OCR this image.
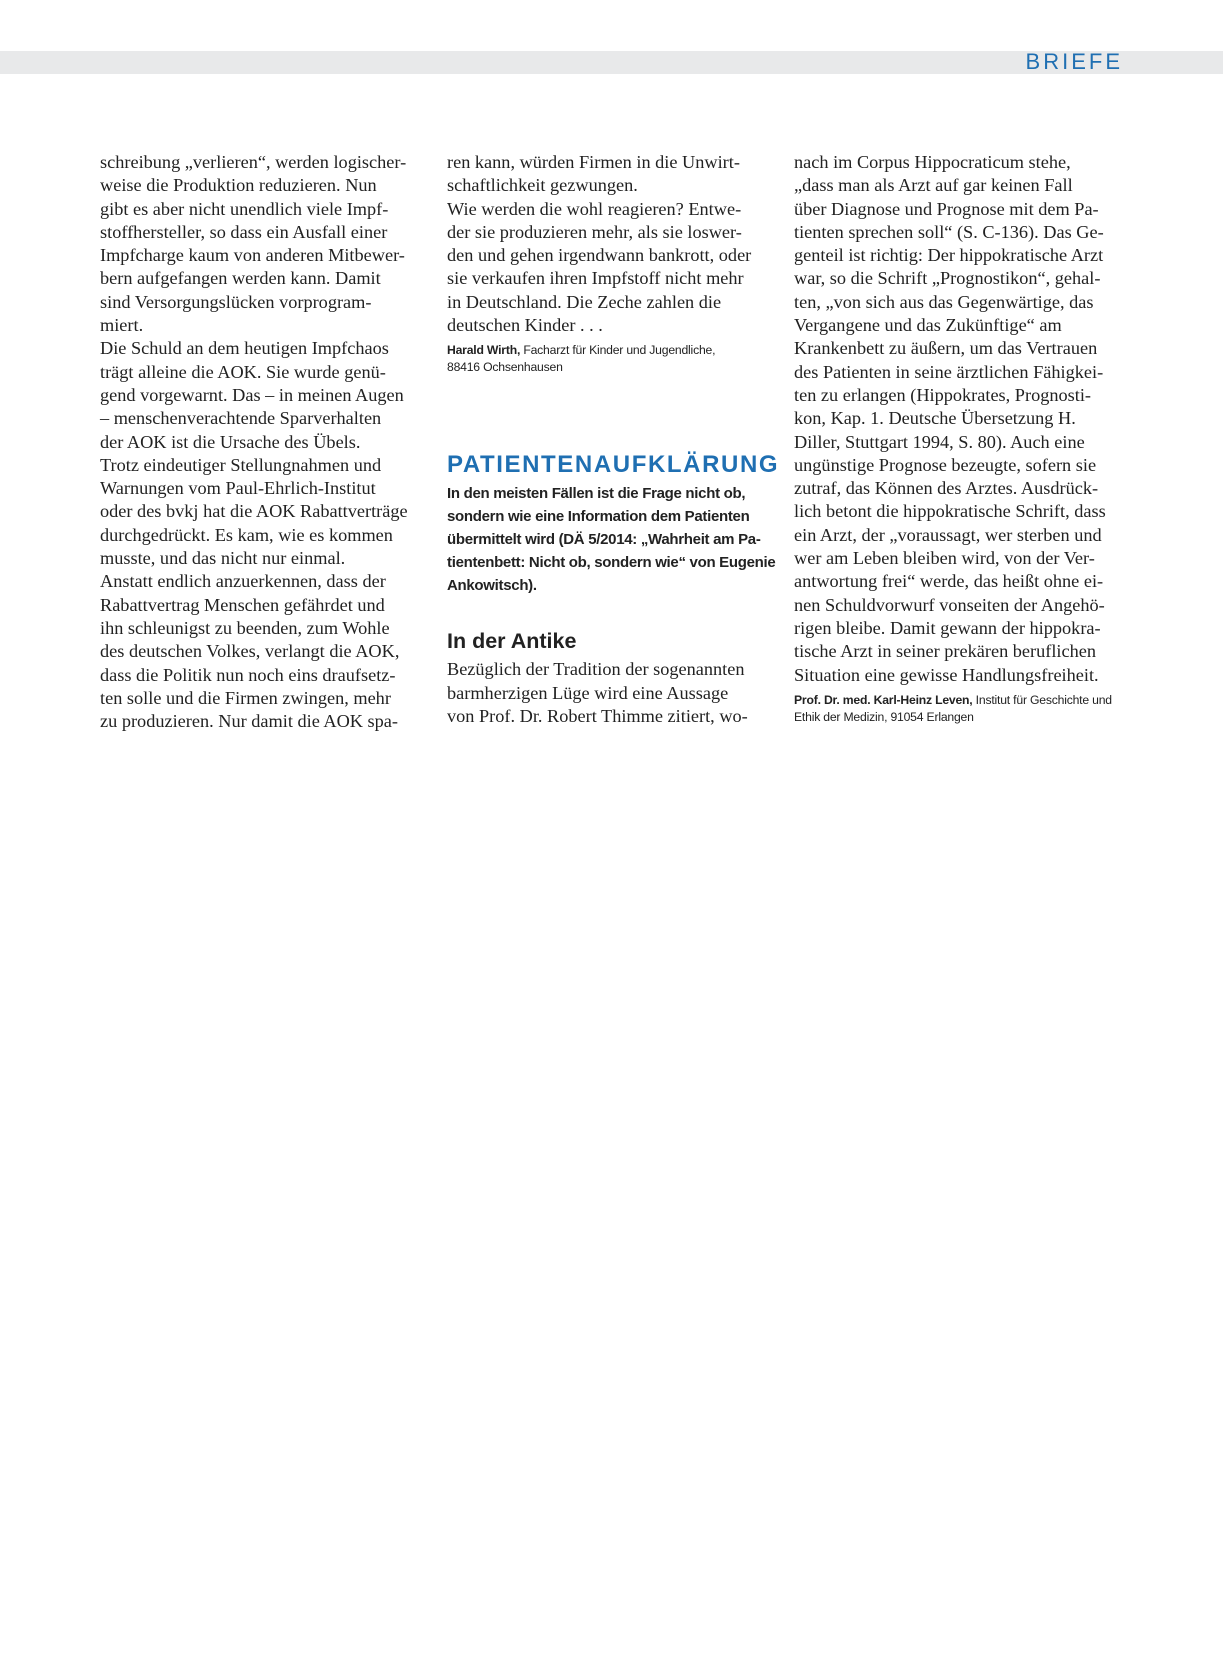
BRIEFE

schreibung „verlieren“, werden logischer-
weise die Produktion reduzieren. Nun
gibt es aber nicht unendlich viele Impf-
stoffhersteller, so dass ein Ausfall einer
Impfcharge kaum von anderen Mitbewer-
bern aufgefangen werden kann. Damit
sind Versorgungslücken vorprogram-
miert.
Die Schuld an dem heutigen Impfchaos
trägt alleine die AOK. Sie wurde genü-
gend vorgewarnt. Das – in meinen Augen
– menschenverachtende Sparverhalten
der AOK ist die Ursache des Übels.
Trotz eindeutiger Stellungnahmen und
Warnungen vom Paul-Ehrlich-Institut
oder des bvkj hat die AOK Rabattverträge
durchgedrückt. Es kam, wie es kommen
musste, und das nicht nur einmal.
Anstatt endlich anzuerkennen, dass der
Rabattvertrag Menschen gefährdet und
ihn schleunigst zu beenden, zum Wohle
des deutschen Volkes, verlangt die AOK,
dass die Politik nun noch eins draufsetz-
ten solle und die Firmen zwingen, mehr
zu produzieren. Nur damit die AOK spa-

ren kann, würden Firmen in die Unwirt-
schaftlichkeit gezwungen.
Wie werden die wohl reagieren? Entwe-
der sie produzieren mehr, als sie loswer-
den und gehen irgendwann bankrott, oder
sie verkaufen ihren Impfstoff nicht mehr
in Deutschland. Die Zeche zahlen die
deutschen Kinder . . .

Harald Wirth, Facharzt für Kinder und Jugendliche,
88416 Ochsenhausen

PATIENTENAUFKLÄRUNG

In den meisten Fällen ist die Frage nicht ob,
sondern wie eine Information dem Patienten
übermittelt wird (DÄ 5/2014: „Wahrheit am Pa-
tientenbett: Nicht ob, sondern wie“ von Eugenie
Ankowitsch).

In der Antike

Bezüglich der Tradition der sogenannten
barmherzigen Lüge wird eine Aussage
von Prof. Dr. Robert Thimme zitiert, wo-

nach im Corpus Hippocraticum stehe,
„dass man als Arzt auf gar keinen Fall
über Diagnose und Prognose mit dem Pa-
tienten sprechen soll“ (S. C-136). Das Ge-
genteil ist richtig: Der hippokratische Arzt
war, so die Schrift „Prognostikon“, gehal-
ten, „von sich aus das Gegenwärtige, das
Vergangene und das Zukünftige“ am
Krankenbett zu äußern, um das Vertrauen
des Patienten in seine ärztlichen Fähigkei-
ten zu erlangen (Hippokrates, Prognosti-
kon, Kap. 1. Deutsche Übersetzung H.
Diller, Stuttgart 1994, S. 80). Auch eine
ungünstige Prognose bezeugte, sofern sie
zutraf, das Können des Arztes. Ausdrück-
lich betont die hippokratische Schrift, dass
ein Arzt, der „voraussagt, wer sterben und
wer am Leben bleiben wird, von der Ver-
antwortung frei“ werde, das heißt ohne ei-
nen Schuldvorwurf vonseiten der Angehö-
rigen bleibe. Damit gewann der hippokra-
tische Arzt in seiner prekären beruflichen
Situation eine gewisse Handlungsfreiheit.

Prof. Dr. med. Karl-Heinz Leven, Institut für Geschichte und
Ethik der Medizin, 91054 Erlangen
